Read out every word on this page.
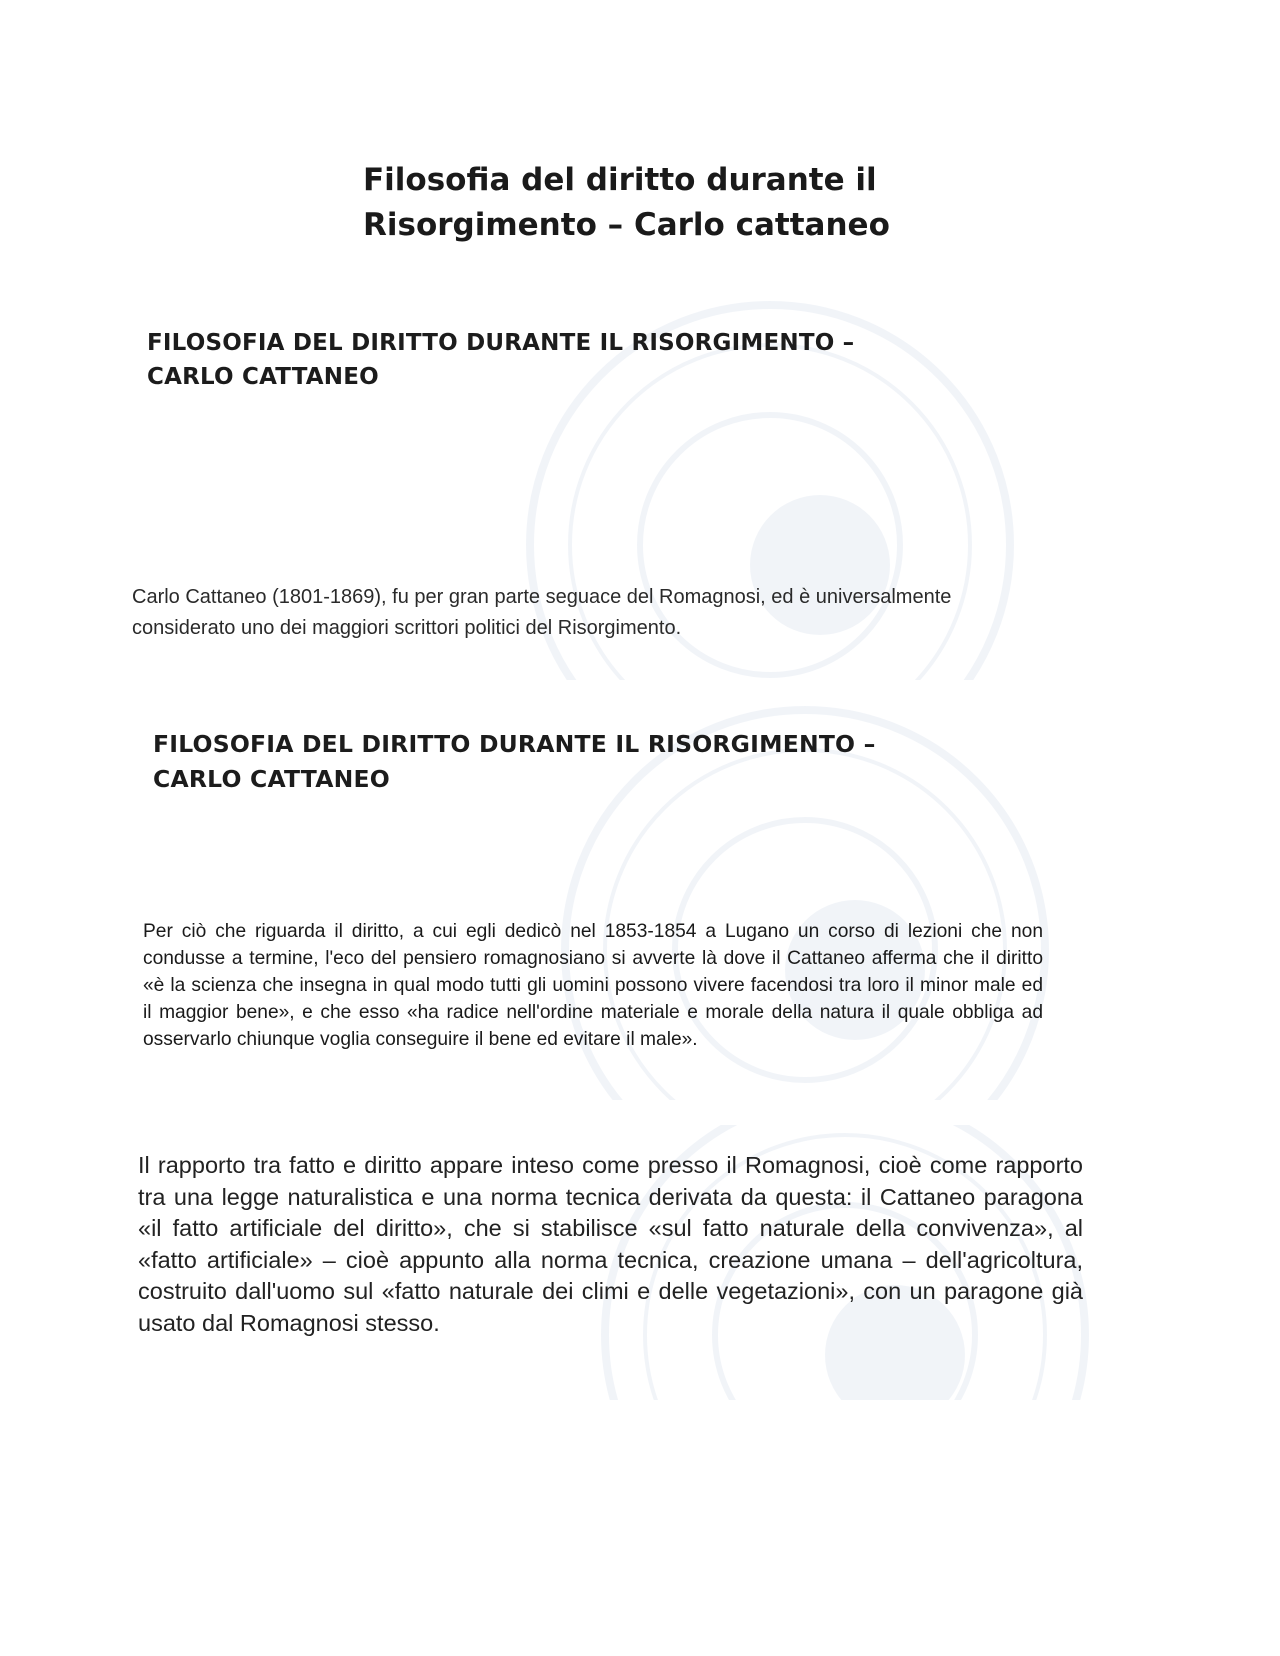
Filosofia del diritto durante il
Risorgimento – Carlo cattaneo
FILOSOFIA DEL DIRITTO DURANTE IL RISORGIMENTO –
CARLO CATTANEO

Carlo Cattaneo (1801-1869), fu per gran parte seguace del Romagnosi, ed è universalmente considerato uno dei maggiori scrittori politici del Risorgimento.

FILOSOFIA DEL DIRITTO DURANTE IL RISORGIMENTO –
CARLO CATTANEO

Per ciò che riguarda il diritto, a cui egli dedicò nel 1853-1854 a Lugano un corso di lezioni che non condusse a termine, l'eco del pensiero romagnosiano si avverte là dove il Cattaneo afferma che il diritto «è la scienza che insegna in qual modo tutti gli uomini possono vivere facendosi tra loro il minor male ed il maggior bene», e che esso «ha radice nell'ordine materiale e morale della natura il quale obbliga ad osservarlo chiunque voglia conseguire il bene ed evitare il male».

Il rapporto tra fatto e diritto appare inteso come presso il Romagnosi, cioè come rapporto tra una legge naturalistica e una norma tecnica derivata da questa: il Cattaneo paragona «il fatto artificiale del diritto», che si stabilisce «sul fatto naturale della convivenza», al «fatto artificiale» – cioè appunto alla norma tecnica, creazione umana – dell'agricoltura, costruito dall'uomo sul «fatto naturale dei climi e delle vegetazioni», con un paragone già usato dal Romagnosi stesso.
